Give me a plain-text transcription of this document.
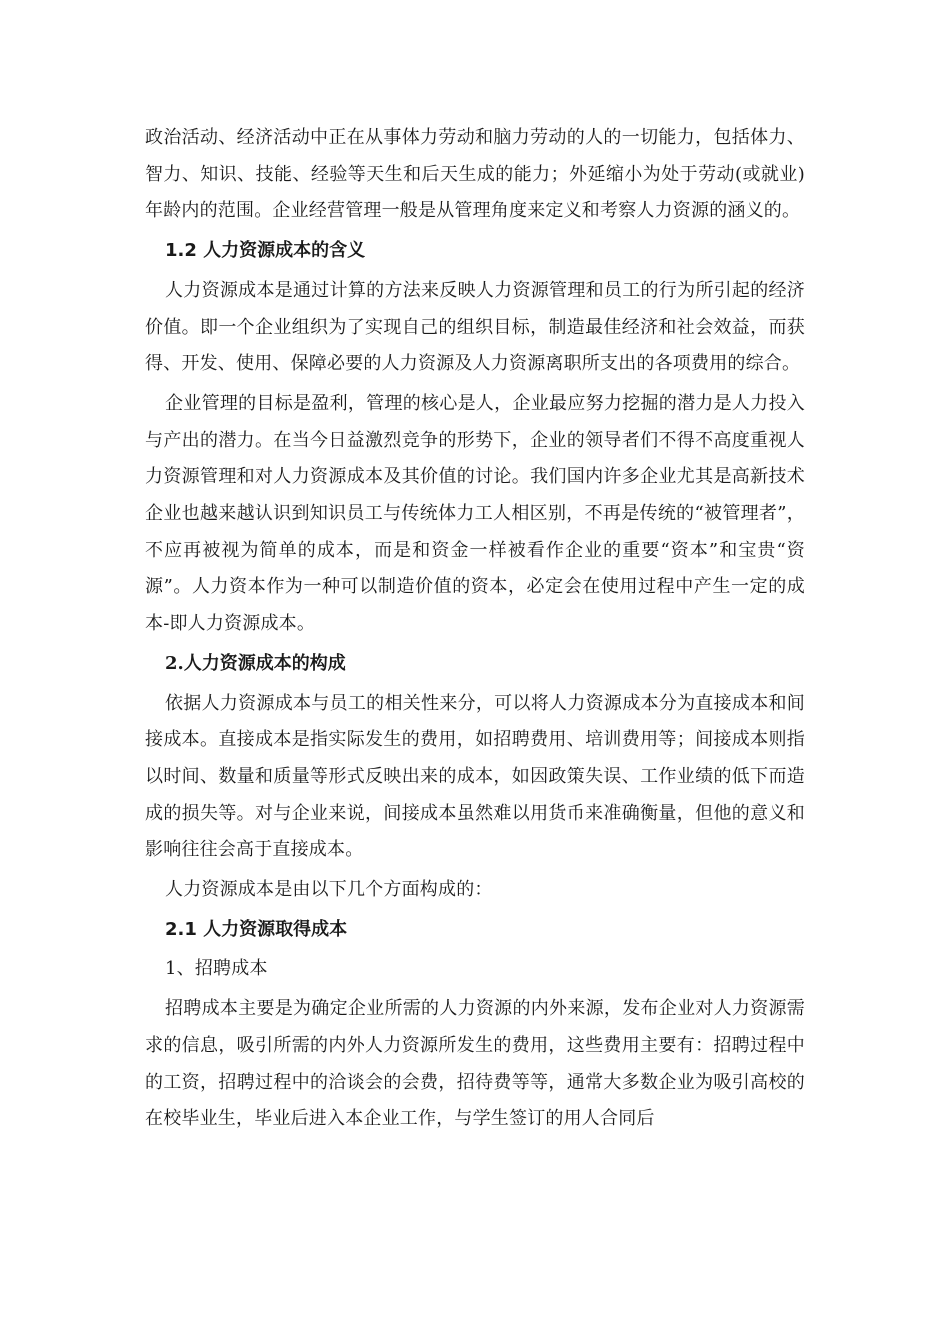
政治活动、经济活动中正在从事体力劳动和脑力劳动的人的一切能力，包括体力、智力、知识、技能、经验等天生和后天生成的能力；外延缩小为处于劳动(或就业)年龄内的范围。企业经营管理一般是从管理角度来定义和考察人力资源的涵义的。

1.2 人力资源成本的含义

人力资源成本是通过计算的方法来反映人力资源管理和员工的行为所引起的经济价值。即一个企业组织为了实现自己的组织目标，制造最佳经济和社会效益，而获得、开发、使用、保障必要的人力资源及人力资源离职所支出的各项费用的综合。

企业管理的目标是盈利，管理的核心是人，企业最应努力挖掘的潜力是人力投入与产出的潜力。在当今日益激烈竞争的形势下，企业的领导者们不得不高度重视人力资源管理和对人力资源成本及其价值的讨论。我们国内许多企业尤其是高新技术企业也越来越认识到知识员工与传统体力工人相区别，不再是传统的“被管理者”，不应再被视为简单的成本，而是和资金一样被看作企业的重要“资本”和宝贵“资源”。人力资本作为一种可以制造价值的资本，必定会在使用过程中产生一定的成本-即人力资源成本。

2.人力资源成本的构成

依据人力资源成本与员工的相关性来分，可以将人力资源成本分为直接成本和间接成本。直接成本是指实际发生的费用，如招聘费用、培训费用等；间接成本则指以时间、数量和质量等形式反映出来的成本，如因政策失误、工作业绩的低下而造成的损失等。对与企业来说，间接成本虽然难以用货币来准确衡量，但他的意义和影响往往会高于直接成本。

人力资源成本是由以下几个方面构成的：

2.1 人力资源取得成本

1、招聘成本

招聘成本主要是为确定企业所需的人力资源的内外来源，发布企业对人力资源需求的信息，吸引所需的内外人力资源所发生的费用，这些费用主要有：招聘过程中的工资，招聘过程中的洽谈会的会费，招待费等等，通常大多数企业为吸引高校的在校毕业生，毕业后进入本企业工作，与学生签订的用人合同后
